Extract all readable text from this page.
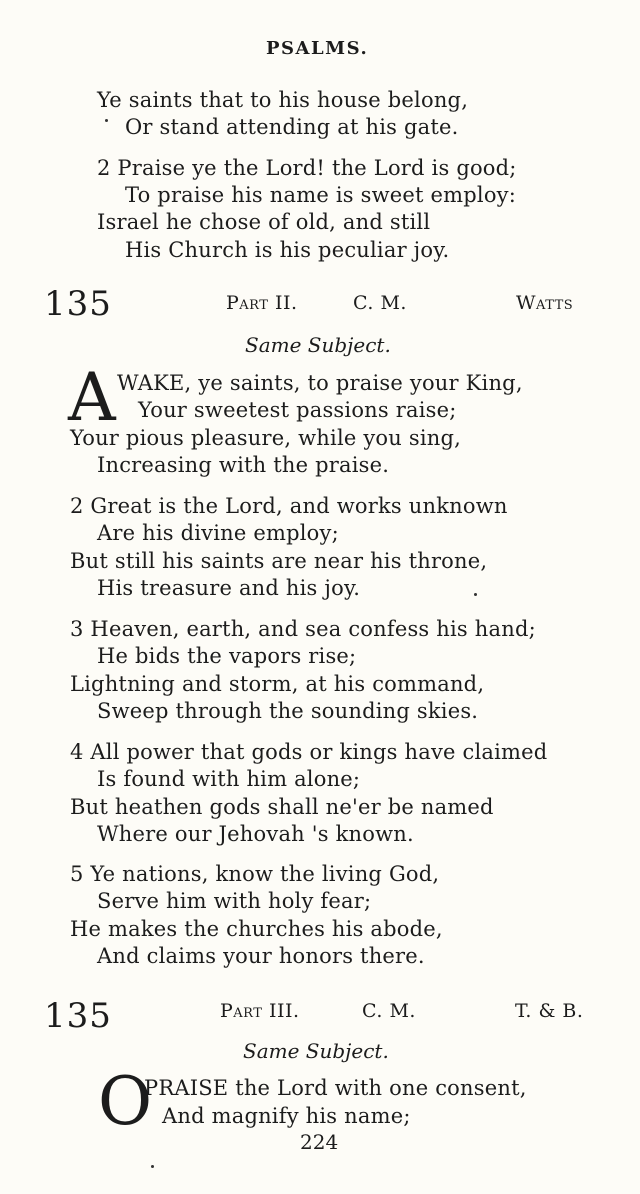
PSALMS.
Ye saints that to his house belong,
Or stand attending at his gate.
2 Praise ye the Lord! the Lord is good;
To praise his name is sweet employ:
Israel he chose of old, and still
His Church is his peculiar joy.
135	Part II.	C. M.	Watts
Same Subject.
A WAKE, ye saints, to praise your King,
Your sweetest passions raise;
Your pious pleasure, while you sing,
Increasing with the praise.
2 Great is the Lord, and works unknown
Are his divine employ;
But still his saints are near his throne,
His treasure and his joy.
3 Heaven, earth, and sea confess his hand;
He bids the vapors rise;
Lightning and storm, at his command,
Sweep through the sounding skies.
4 All power that gods or kings have claimed
Is found with him alone;
But heathen gods shall ne'er be named
Where our Jehovah 's known.
5 Ye nations, know the living God,
Serve him with holy fear;
He makes the churches his abode,
And claims your honors there.
135	Part III.	C. M.	T. & B.
Same Subject.
O
PRAISE the Lord with one consent,
And magnify his name;
224
